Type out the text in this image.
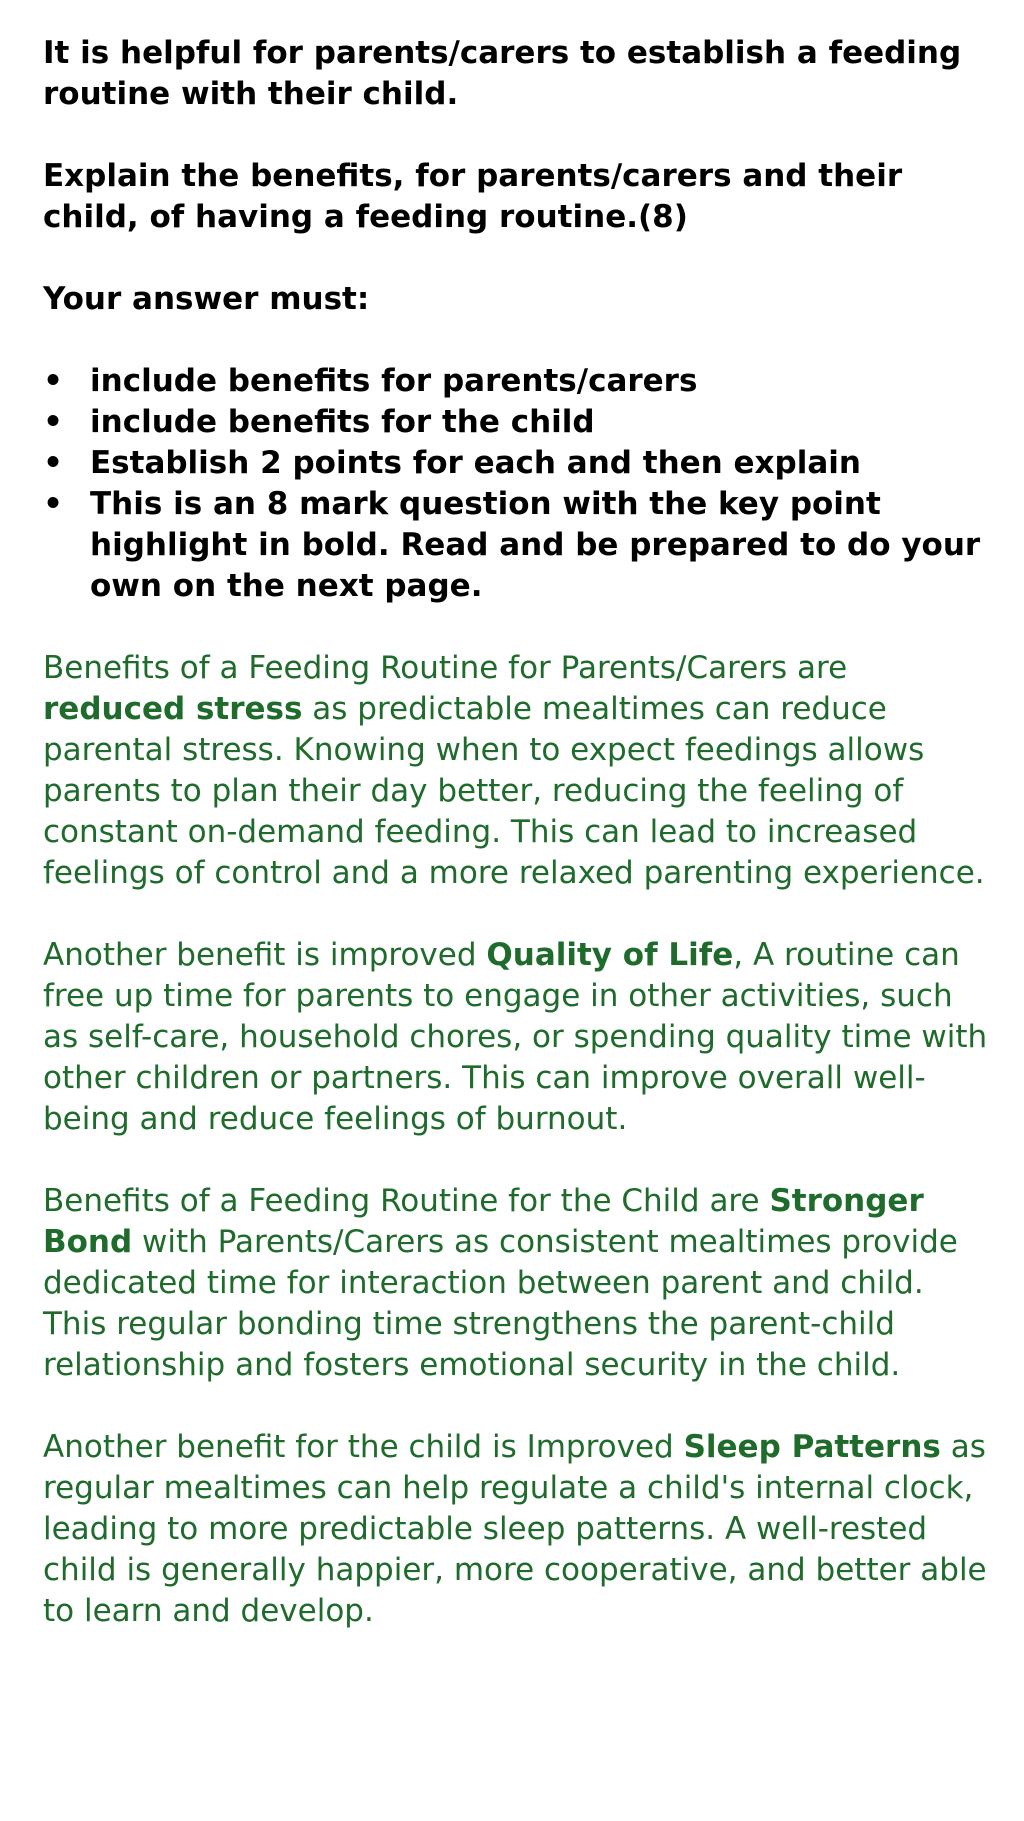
It is helpful for parents/carers to establish a feeding routine with their child.

Explain the benefits, for parents/carers and their child, of having a feeding routine.(8)

Your answer must:

• include benefits for parents/carers
• include benefits for the child
• Establish 2 points for each and then explain
• This is an 8 mark question with the key point highlight in bold. Read and be prepared to do your own on the next page.

Benefits of a Feeding Routine for Parents/Carers are reduced stress as predictable mealtimes can reduce parental stress. Knowing when to expect feedings allows parents to plan their day better, reducing the feeling of constant on-demand feeding. This can lead to increased feelings of control and a more relaxed parenting experience.

Another benefit is improved Quality of Life, A routine can free up time for parents to engage in other activities, such as self-care, household chores, or spending quality time with other children or partners. This can improve overall well-being and reduce feelings of burnout.

Benefits of a Feeding Routine for the Child are Stronger Bond with Parents/Carers as consistent mealtimes provide dedicated time for interaction between parent and child. This regular bonding time strengthens the parent-child relationship and fosters emotional security in the child.

Another benefit for the child is Improved Sleep Patterns as regular mealtimes can help regulate a child's internal clock, leading to more predictable sleep patterns. A well-rested child is generally happier, more cooperative, and better able to learn and develop.
